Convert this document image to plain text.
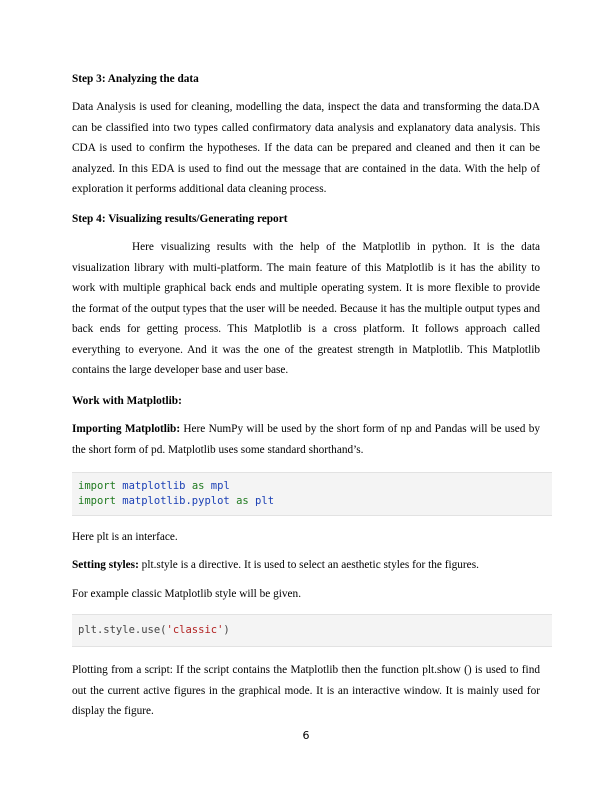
Step 3: Analyzing the data

Data Analysis is used for cleaning, modelling the data, inspect the data and transforming the data.DA can be classified into two types called confirmatory data analysis and explanatory data analysis. This CDA is used to confirm the hypotheses. If the data can be prepared and cleaned and then it can be analyzed. In this EDA is used to find out the message that are contained in the data. With the help of exploration it performs additional data cleaning process.

Step 4: Visualizing results/Generating report

Here visualizing results with the help of the Matplotlib in python. It is the data visualization library with multi-platform. The main feature of this Matplotlib is it has the ability to work with multiple graphical back ends and multiple operating system. It is more flexible to provide the format of the output types that the user will be needed. Because it has the multiple output types and back ends for getting process. This Matplotlib is a cross platform. It follows approach called everything to everyone. And it was the one of the greatest strength in Matplotlib. This Matplotlib contains the large developer base and user base.

Work with Matplotlib:

Importing Matplotlib: Here NumPy will be used by the short form of np and Pandas will be used by the short form of pd. Matplotlib uses some standard shorthand’s.

import matplotlib as mpl
import matplotlib.pyplot as plt

Here plt is an interface.

Setting styles: plt.style is a directive. It is used to select an aesthetic styles for the figures.

For example classic Matplotlib style will be given.

plt.style.use('classic')

Plotting from a script: If the script contains the Matplotlib then the function plt.show () is used to find out the current active figures in the graphical mode. It is an interactive window. It is mainly used for display the figure.

6
